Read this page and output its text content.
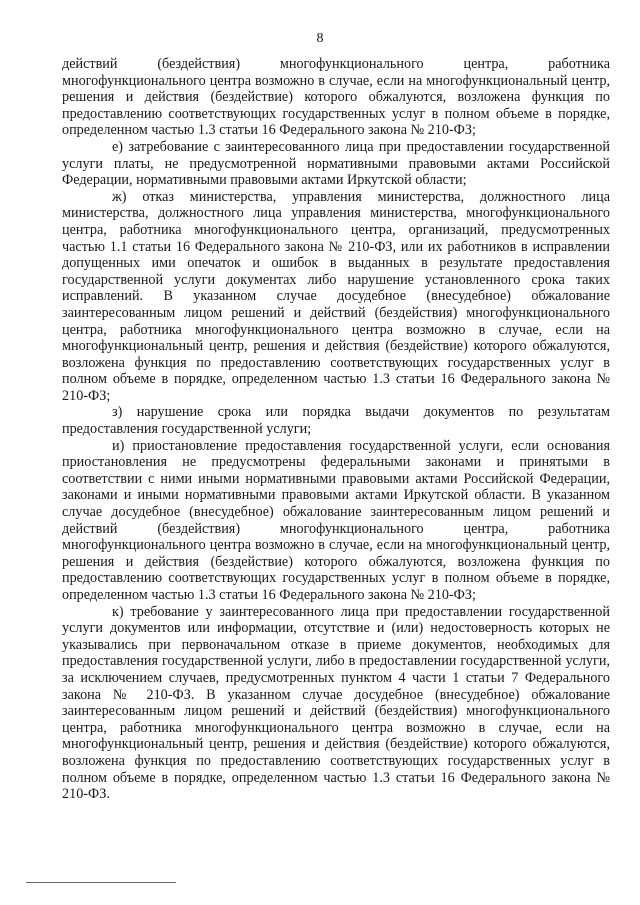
8

действий (бездействия) многофункционального центра, работника многофункционального центра возможно в случае, если на многофункциональный центр, решения и действия (бездействие) которого обжалуются, возложена функция по предоставлению соответствующих государственных услуг в полном объеме в порядке, определенном частью 1.3 статьи 16 Федерального закона № 210-ФЗ;

е) затребование с заинтересованного лица при предоставлении государственной услуги платы, не предусмотренной нормативными правовыми актами Российской Федерации, нормативными правовыми актами Иркутской области;

ж) отказ министерства, управления министерства, должностного лица министерства, должностного лица управления министерства, многофункционального центра, работника многофункционального центра, организаций, предусмотренных частью 1.1 статьи 16 Федерального закона № 210-ФЗ, или их работников в исправлении допущенных ими опечаток и ошибок в выданных в результате предоставления государственной услуги документах либо нарушение установленного срока таких исправлений. В указанном случае досудебное (внесудебное) обжалование заинтересованным лицом решений и действий (бездействия) многофункционального центра, работника многофункционального центра возможно в случае, если на многофункциональный центр, решения и действия (бездействие) которого обжалуются, возложена функция по предоставлению соответствующих государственных услуг в полном объеме в порядке, определенном частью 1.3 статьи 16 Федерального закона № 210-ФЗ;

з) нарушение срока или порядка выдачи документов по результатам предоставления государственной услуги;

и) приостановление предоставления государственной услуги, если основания приостановления не предусмотрены федеральными законами и принятыми в соответствии с ними иными нормативными правовыми актами Российской Федерации, законами и иными нормативными правовыми актами Иркутской области. В указанном случае досудебное (внесудебное) обжалование заинтересованным лицом решений и действий (бездействия) многофункционального центра, работника многофункционального центра возможно в случае, если на многофункциональный центр, решения и действия (бездействие) которого обжалуются, возложена функция по предоставлению соответствующих государственных услуг в полном объеме в порядке, определенном частью 1.3 статьи 16 Федерального закона № 210-ФЗ;

к) требование у заинтересованного лица при предоставлении государственной услуги документов или информации, отсутствие и (или) недостоверность которых не указывались при первоначальном отказе в приеме документов, необходимых для предоставления государственной услуги, либо в предоставлении государственной услуги, за исключением случаев, предусмотренных пунктом 4 части 1 статьи 7 Федерального закона № 210-ФЗ. В указанном случае досудебное (внесудебное) обжалование заинтересованным лицом решений и действий (бездействия) многофункционального центра, работника многофункционального центра возможно в случае, если на многофункциональный центр, решения и действия (бездействие) которого обжалуются, возложена функция по предоставлению соответствующих государственных услуг в полном объеме в порядке, определенном частью 1.3 статьи 16 Федерального закона № 210-ФЗ.
